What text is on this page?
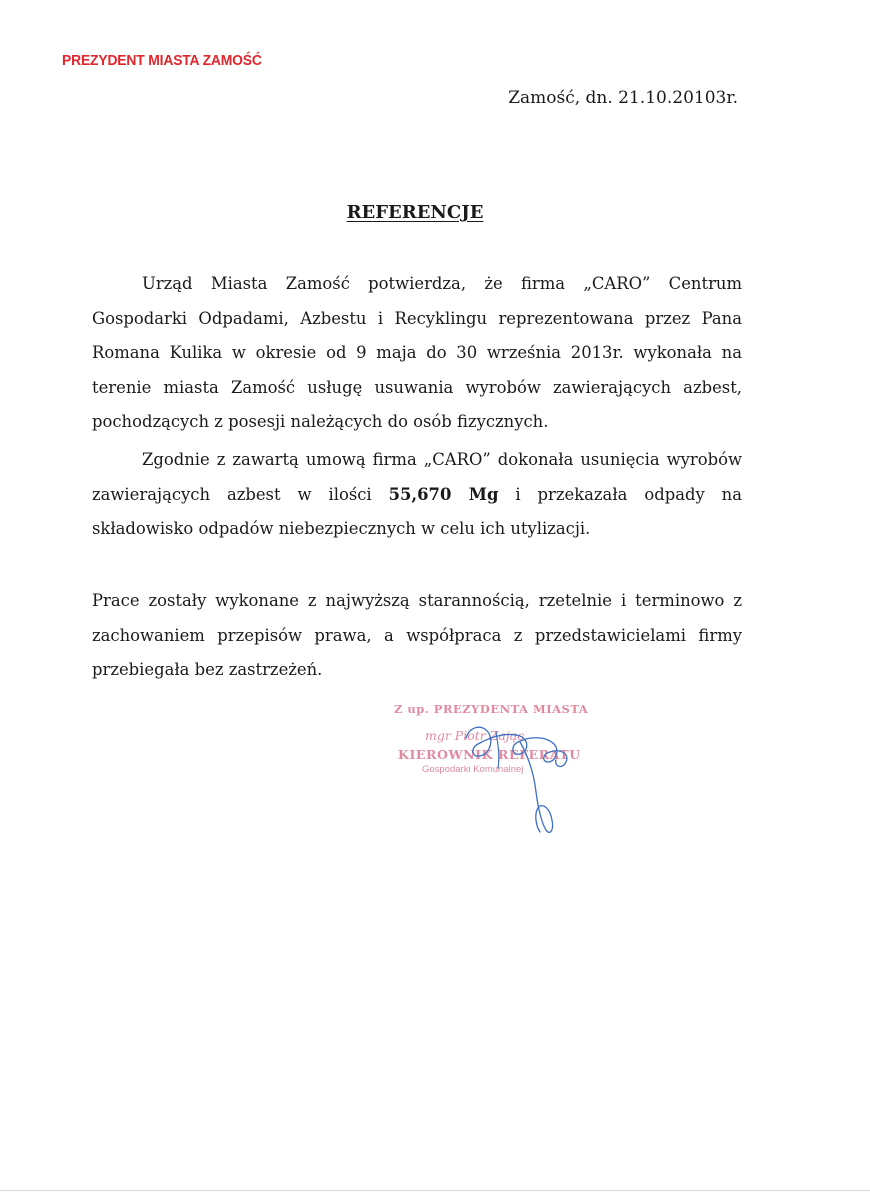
PREZYDENT MIASTA ZAMOŚĆ
Zamość, dn. 21.10.20103r.
REFERENCJE
Urząd Miasta Zamość potwierdza, że firma „CARO” Centrum Gospodarki Odpadami, Azbestu i Recyklingu reprezentowana przez Pana Romana Kulika w okresie od 9 maja do 30 września 2013r. wykonała na terenie miasta Zamość usługę usuwania wyrobów zawierających azbest, pochodzących z posesji należących do osób fizycznych.
Zgodnie z zawartą umową firma „CARO” dokonała usunięcia wyrobów zawierających azbest w ilości 55,670 Mg i przekazała odpady na składowisko odpadów niebezpiecznych w celu ich utylizacji.
Prace zostały wykonane z najwyższą starannością, rzetelnie i terminowo z zachowaniem przepisów prawa, a współpraca z przedstawicielami firmy przebiegała bez zastrzeżeń.
Z up. PREZYDENTA MIASTA
mgr Piotr Zając
KIEROWNIK REFERATU
Gospodarki Komunalnej
